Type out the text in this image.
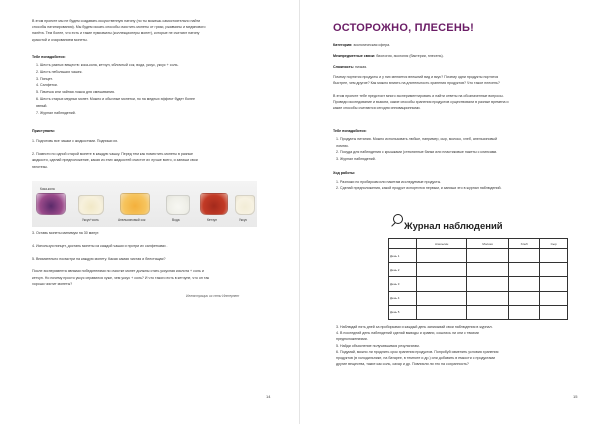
В этом проекте мы не будем создавать искусственную патину (но ты можешь самостоятельно найти
способы патинирования). Мы будем искать способы очистить монеты от грязи, ржавчины и медянового
налёта. Тем более, что есть и такие нумизматы (коллекционеры монет), которые не считают патину
красотой и очарованием монеты.
Тебе понадобится:
1. Шесть разных веществ: кока-кола, кетчуп, яблочный сок, вода, уксус, уксус + соль.
2. Шесть небольших чашек.
3. Пинцет.
4. Салфетки.
5. Пачечка или чайная ложка для смешивания.
6. Шесть старых медных монет. Можно и обычные монетки, но на медных эффект будет более
явный.
7. Журнал наблюдений.
Приступаем:
1. Подготовь все чашки с жидкостями. Подпиши их.
2. Помести по одной старой монете в каждую чашку. Перед тем как поместить монеты в разные
жидкости, сделай предположение, какая из этих жидкостей очистит их лучше всего, и запиши свои
гипотезы.
Кока-кола
Уксус+соль	Апельсиновый сок	Вода	Кетчуп	Уксус
3. Оставь монеты минимум на 30 минут.
4. Используя пинцет, достань монеты из каждой чашки и протри их салфетками .
5. Внимательно посмотри на каждую монету. Какая самая чистая и блестящая?
После эксперимента явными победителями по очистке монет должны стать уксусная кислота + соль и
кетчуп. Но почему просто уксус справился хуже, чем уксус + соль? И что такого есть в кетчупе, что он так
хорошо чистит монеты?
Иллюстрации из сети Интернет
14
ОСТОРОЖНО, ПЛЕСЕНЬ!
Категория: экологическая сфера.
Межпредметные связи: биология, экология (бактерии, плесень).
Сложность: низкая.
Почему портятся продукты и у них меняется внешний вид и вкус? Почему одни продукты портятся
быстрее, чем другие? Как можно влиять на длительность хранения продуктов? Что такое плесень?
В этом проекте тебе предстоит много экспериментировать и найти ответы на обозначенные вопросы.
Проведи исследование и выясни, какие способы хранения продуктов существовали в разные времена и
какие способы считаются сегодня инновационными.
Тебе понадобится:
1. Продукты питания. Можно использовать любые, например, сыр, молоко, хлеб, апельсиновый
ломтик.
2. Посуда для наблюдения с крышками (стеклянные банки или пластиковые пакеты с клипсами.
3. Журнал наблюдений.
Ход работы:
1. Разложи по пробиркам или пакетам исследуемые продукты.
2. Сделай предположения, какой продукт испортится первым, и запиши это в журнал наблюдений.
Журнал наблюдений
	Апельсин	Молоко	Хлеб	Сыр
День 1				
День 2				
День 3				
День 4				
День 5				
3. Наблюдай пять дней за пробирками и каждый день записывай свои наблюдения в журнал.
4. В последний день наблюдений сделай выводы и сравни, сошлись ли они с твоими
предположениями.
5. Найди объяснение получившимся результатам.
6. Подумай, можно ли продлить срок хранения продуктов. Попробуй изменить условия хранения
продуктов (в холодильнике, на батарее, в темноте и др.) или добавить в емкости с продуктами
другие вещества, такие как соль, сахар и др. Повлияли ли это на сохранность?
15
